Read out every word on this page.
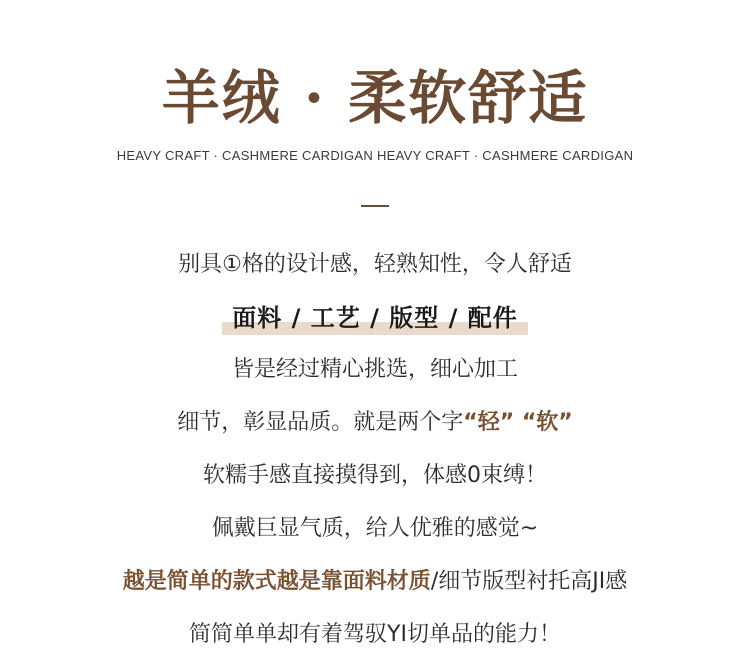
羊绒 · 柔软舒适
HEAVY CRAFT · CASHMERE CARDIGAN HEAVY CRAFT · CASHMERE CARDIGAN
别具①格的设计感，轻熟知性，令人舒适
面料 / 工艺 / 版型 / 配件
皆是经过精心挑选，细心加工
细节，彰显品质。就是两个字“轻” “软”
软糯手感直接摸得到，体感0束缚！
佩戴巨显气质，给人优雅的感觉~
越是简单的款式越是靠面料材质/细节版型衬托高JI感
简简单单却有着驾驭YI切单品的能力！
